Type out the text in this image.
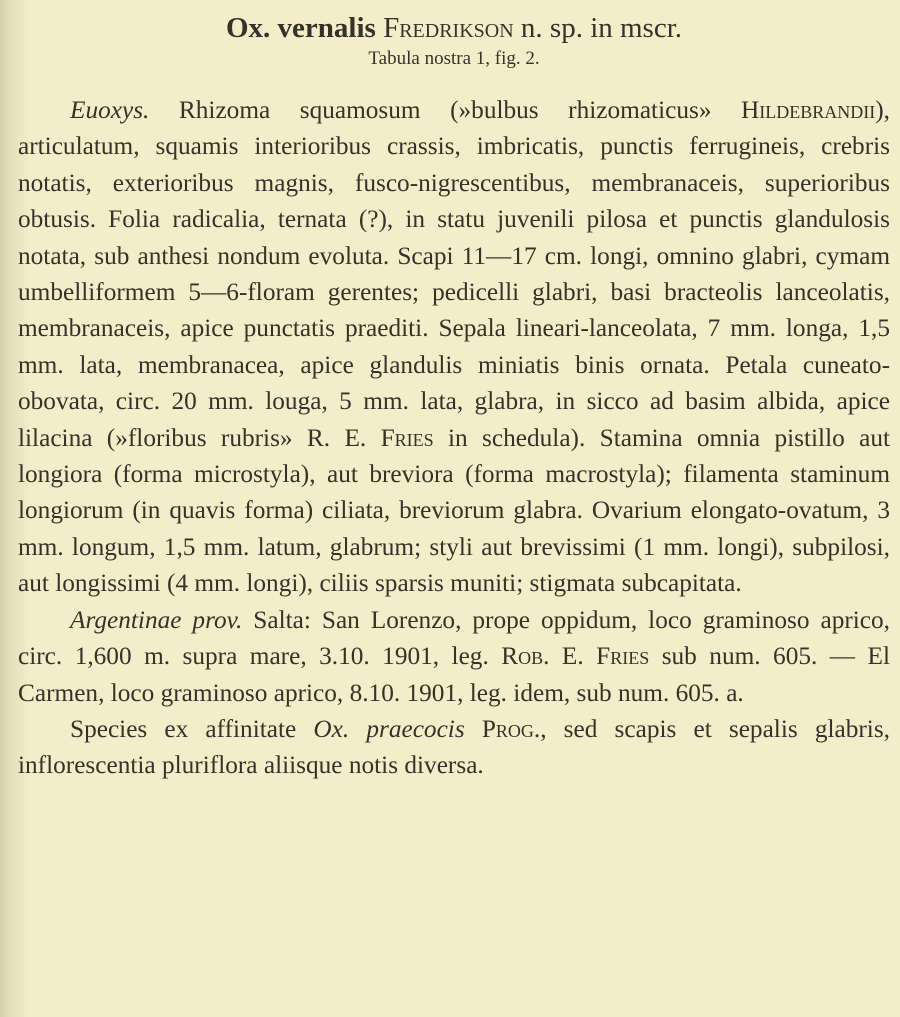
Ox. vernalis Fredrikson n. sp. in mscr.
Tabula nostra 1, fig. 2.

Euoxys. Rhizoma squamosum (»bulbus rhizomaticus» Hildebrandii), articulatum, squamis interioribus crassis, imbricatis, punctis ferrugineis, crebris notatis, exterioribus magnis, fusco-nigrescentibus, membranaceis, superioribus obtusis. Folia radicalia, ternata (?), in statu juvenili pilosa et punctis glandulosis notata, sub anthesi nondum evoluta. Scapi 11—17 cm. longi, omnino glabri, cymam umbelliformem 5—6-floram gerentes; pedicelli glabri, basi bracteolis lanceolatis, membranaceis, apice punctatis praediti. Sepala lineari-lanceolata, 7 mm. longa, 1,5 mm. lata, membranacea, apice glandulis miniatis binis ornata. Petala cuneato-obovata, circ. 20 mm. louga, 5 mm. lata, glabra, in sicco ad basim albida, apice lilacina (»floribus rubris» R. E. Fries in schedula). Stamina omnia pistillo aut longiora (forma microstyla), aut breviora (forma macrostyla); filamenta staminum longiorum (in quavis forma) ciliata, breviorum glabra. Ovarium elongato-ovatum, 3 mm. longum, 1,5 mm. latum, glabrum; styli aut brevissimi (1 mm. longi), subpilosi, aut longissimi (4 mm. longi), ciliis sparsis muniti; stigmata subcapitata.

Argentinae prov. Salta: San Lorenzo, prope oppidum, loco graminoso aprico, circ. 1,600 m. supra mare, 3.10. 1901, leg. Rob. E. Fries sub num. 605. — El Carmen, loco graminoso aprico, 8.10. 1901, leg. idem, sub num. 605. a.

Species ex affinitate Ox. praecocis Prog., sed scapis et sepalis glabris, inflorescentia pluriflora aliisque notis diversa.
